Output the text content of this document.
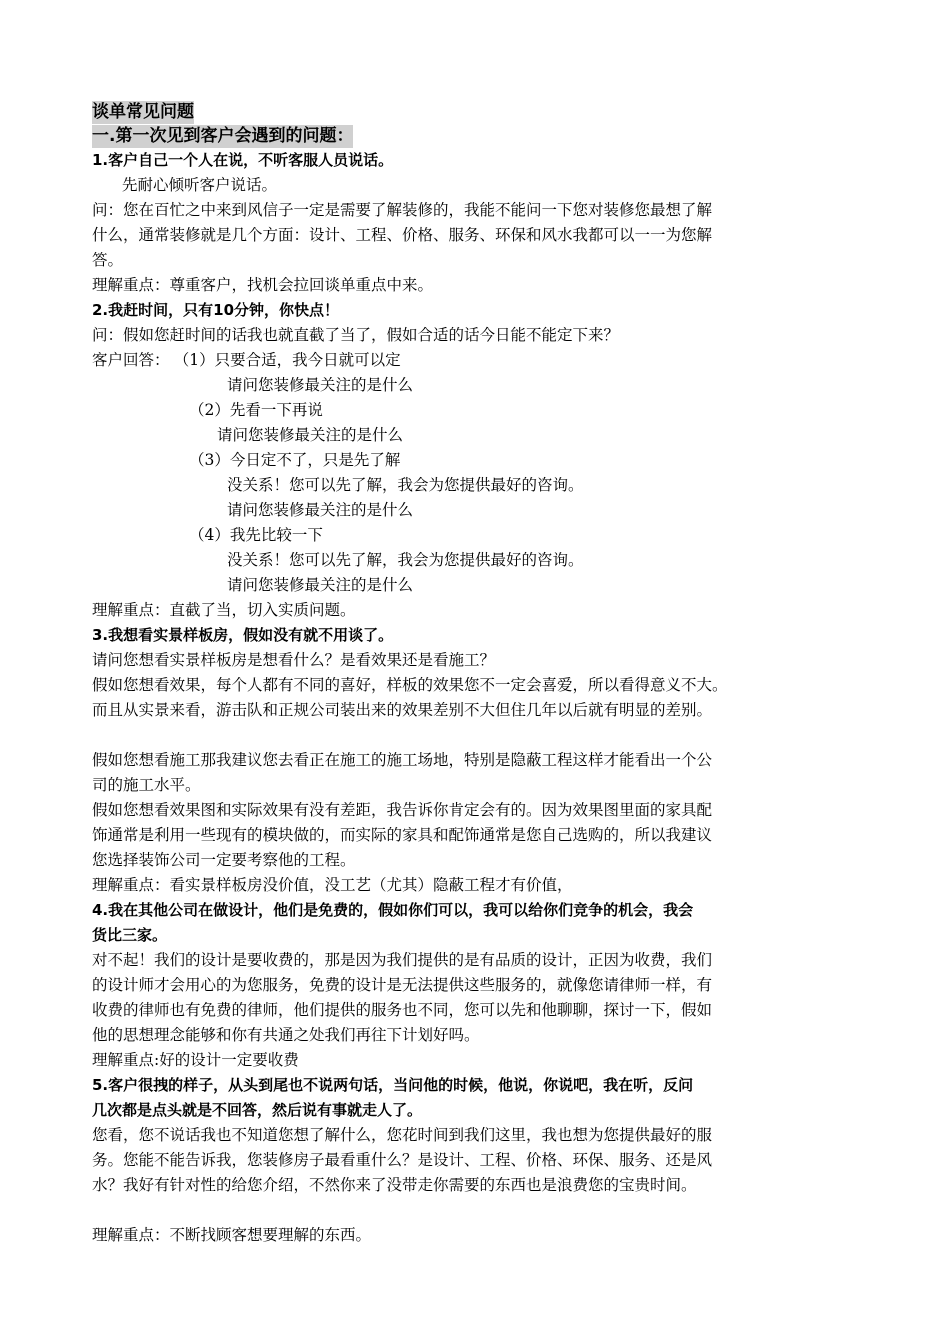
谈单常见问题
一.第一次见到客户会遇到的问题：
1.客户自己一个人在说，不听客服人员说话。
先耐心倾听客户说话。
问：您在百忙之中来到风信子一定是需要了解装修的，我能不能问一下您对装修您最想了解
什么，通常装修就是几个方面：设计、工程、价格、服务、环保和风水我都可以一一为您解
答。
理解重点：尊重客户，找机会拉回谈单重点中来。
2.我赶时间，只有10分钟，你快点！
问：假如您赶时间的话我也就直截了当了，假如合适的话今日能不能定下来？
客户回答： （1）只要合适，我今日就可以定
请问您装修最关注的是什么
（2）先看一下再说
请问您装修最关注的是什么
（3）今日定不了，只是先了解
没关系！您可以先了解，我会为您提供最好的咨询。
请问您装修最关注的是什么
（4）我先比较一下
没关系！您可以先了解，我会为您提供最好的咨询。
请问您装修最关注的是什么
理解重点：直截了当，切入实质问题。
3.我想看实景样板房，假如没有就不用谈了。
请问您想看实景样板房是想看什么？是看效果还是看施工？
假如您想看效果，每个人都有不同的喜好，样板的效果您不一定会喜爱，所以看得意义不大。
而且从实景来看，游击队和正规公司装出来的效果差别不大但住几年以后就有明显的差别。
假如您想看施工那我建议您去看正在施工的施工场地，特别是隐蔽工程这样才能看出一个公
司的施工水平。
假如您想看效果图和实际效果有没有差距，我告诉你肯定会有的。因为效果图里面的家具配
饰通常是利用一些现有的模块做的，而实际的家具和配饰通常是您自己选购的，所以我建议
您选择装饰公司一定要考察他的工程。
理解重点：看实景样板房没价值，没工艺（尤其）隐蔽工程才有价值，
4.我在其他公司在做设计，他们是免费的，假如你们可以，我可以给你们竞争的机会，我会
货比三家。
对不起！我们的设计是要收费的，那是因为我们提供的是有品质的设计，正因为收费，我们
的设计师才会用心的为您服务，免费的设计是无法提供这些服务的，就像您请律师一样，有
收费的律师也有免费的律师，他们提供的服务也不同，您可以先和他聊聊，探讨一下，假如
他的思想理念能够和你有共通之处我们再往下计划好吗。
理解重点:好的设计一定要收费
5.客户很拽的样子，从头到尾也不说两句话，当问他的时候，他说，你说吧，我在听，反问
几次都是点头就是不回答，然后说有事就走人了。
您看，您不说话我也不知道您想了解什么，您花时间到我们这里，我也想为您提供最好的服
务。您能不能告诉我，您装修房子最看重什么？是设计、工程、价格、环保、服务、还是风
水？我好有针对性的给您介绍，不然你来了没带走你需要的东西也是浪费您的宝贵时间。
理解重点：不断找顾客想要理解的东西。
